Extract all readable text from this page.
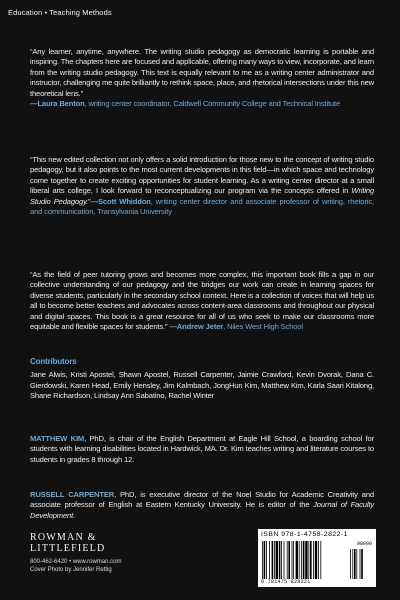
Education • Teaching Methods

“Any learner, anytime, anywhere. The writing studio pedagogy as democratic learning is portable and inspiring. The chapters here are focused and applicable, offering many ways to view, incorporate, and learn from the writing studio pedagogy. This text is equally relevant to me as a writing center administrator and instructor, challenging me quite brilliantly to rethink space, place, and rhetorical intersections under this new theoretical lens.”

—Laura Benton, writing center coordinator, Caldwell Community College and Technical Institute

“This new edited collection not only offers a solid introduction for those new to the concept of writing studio pedagogy, but it also points to the most current developments in this field—in which space and technology come together to create exciting opportunities for student learning. As a writing center director at a small liberal arts college, I look forward to reconceptualizing our program via the concepts offered in Writing Studio Pedagogy.”—Scott Whiddon, writing center director and associate professor of writing, rhetoric, and communication, Transylvania University

“As the field of peer tutoring grows and becomes more complex, this important book fills a gap in our collective understanding of our pedagogy and the bridges our work can create in learning spaces for diverse students, particularly in the secondary school context. Here is a collection of voices that will help us all to become better teachers and advocates across content-area classrooms and throughout our physical and digital spaces. This book is a great resource for all of us who seek to make our classrooms more equitable and flexible spaces for students.” —Andrew Jeter, Niles West High School

Contributors

Jane Alwis, Kristi Apostel, Shawn Apostel, Russell Carpenter, Jaimie Crawford, Kevin Dvorak, Dana C. Gierdowski, Karen Head, Emily Hensley, Jim Kalmbach, JongHun Kim, Matthew Kim, Karla Saari Kitalong, Shane Richardson, Lindsay Ann Sabatino, Rachel Winter

MATTHEW KIM, PhD, is chair of the English Department at Eagle Hill School, a boarding school for students with learning disabilities located in Hardwick, MA. Dr. Kim teaches writing and literature courses to students in grades 8 through 12.

RUSSELL CARPENTER, PhD, is executive director of the Noel Studio for Academic Creativity and associate professor of English at Eastern Kentucky University. He is editor of the Journal of Faculty Development.

ROWMAN &
LITTLEFIELD
800-462-6420 • www.rowman.com
Cover Photo by Jennifer Rettig
ISBN 978-1-4758-2822-1
90000
9 781475 828221
